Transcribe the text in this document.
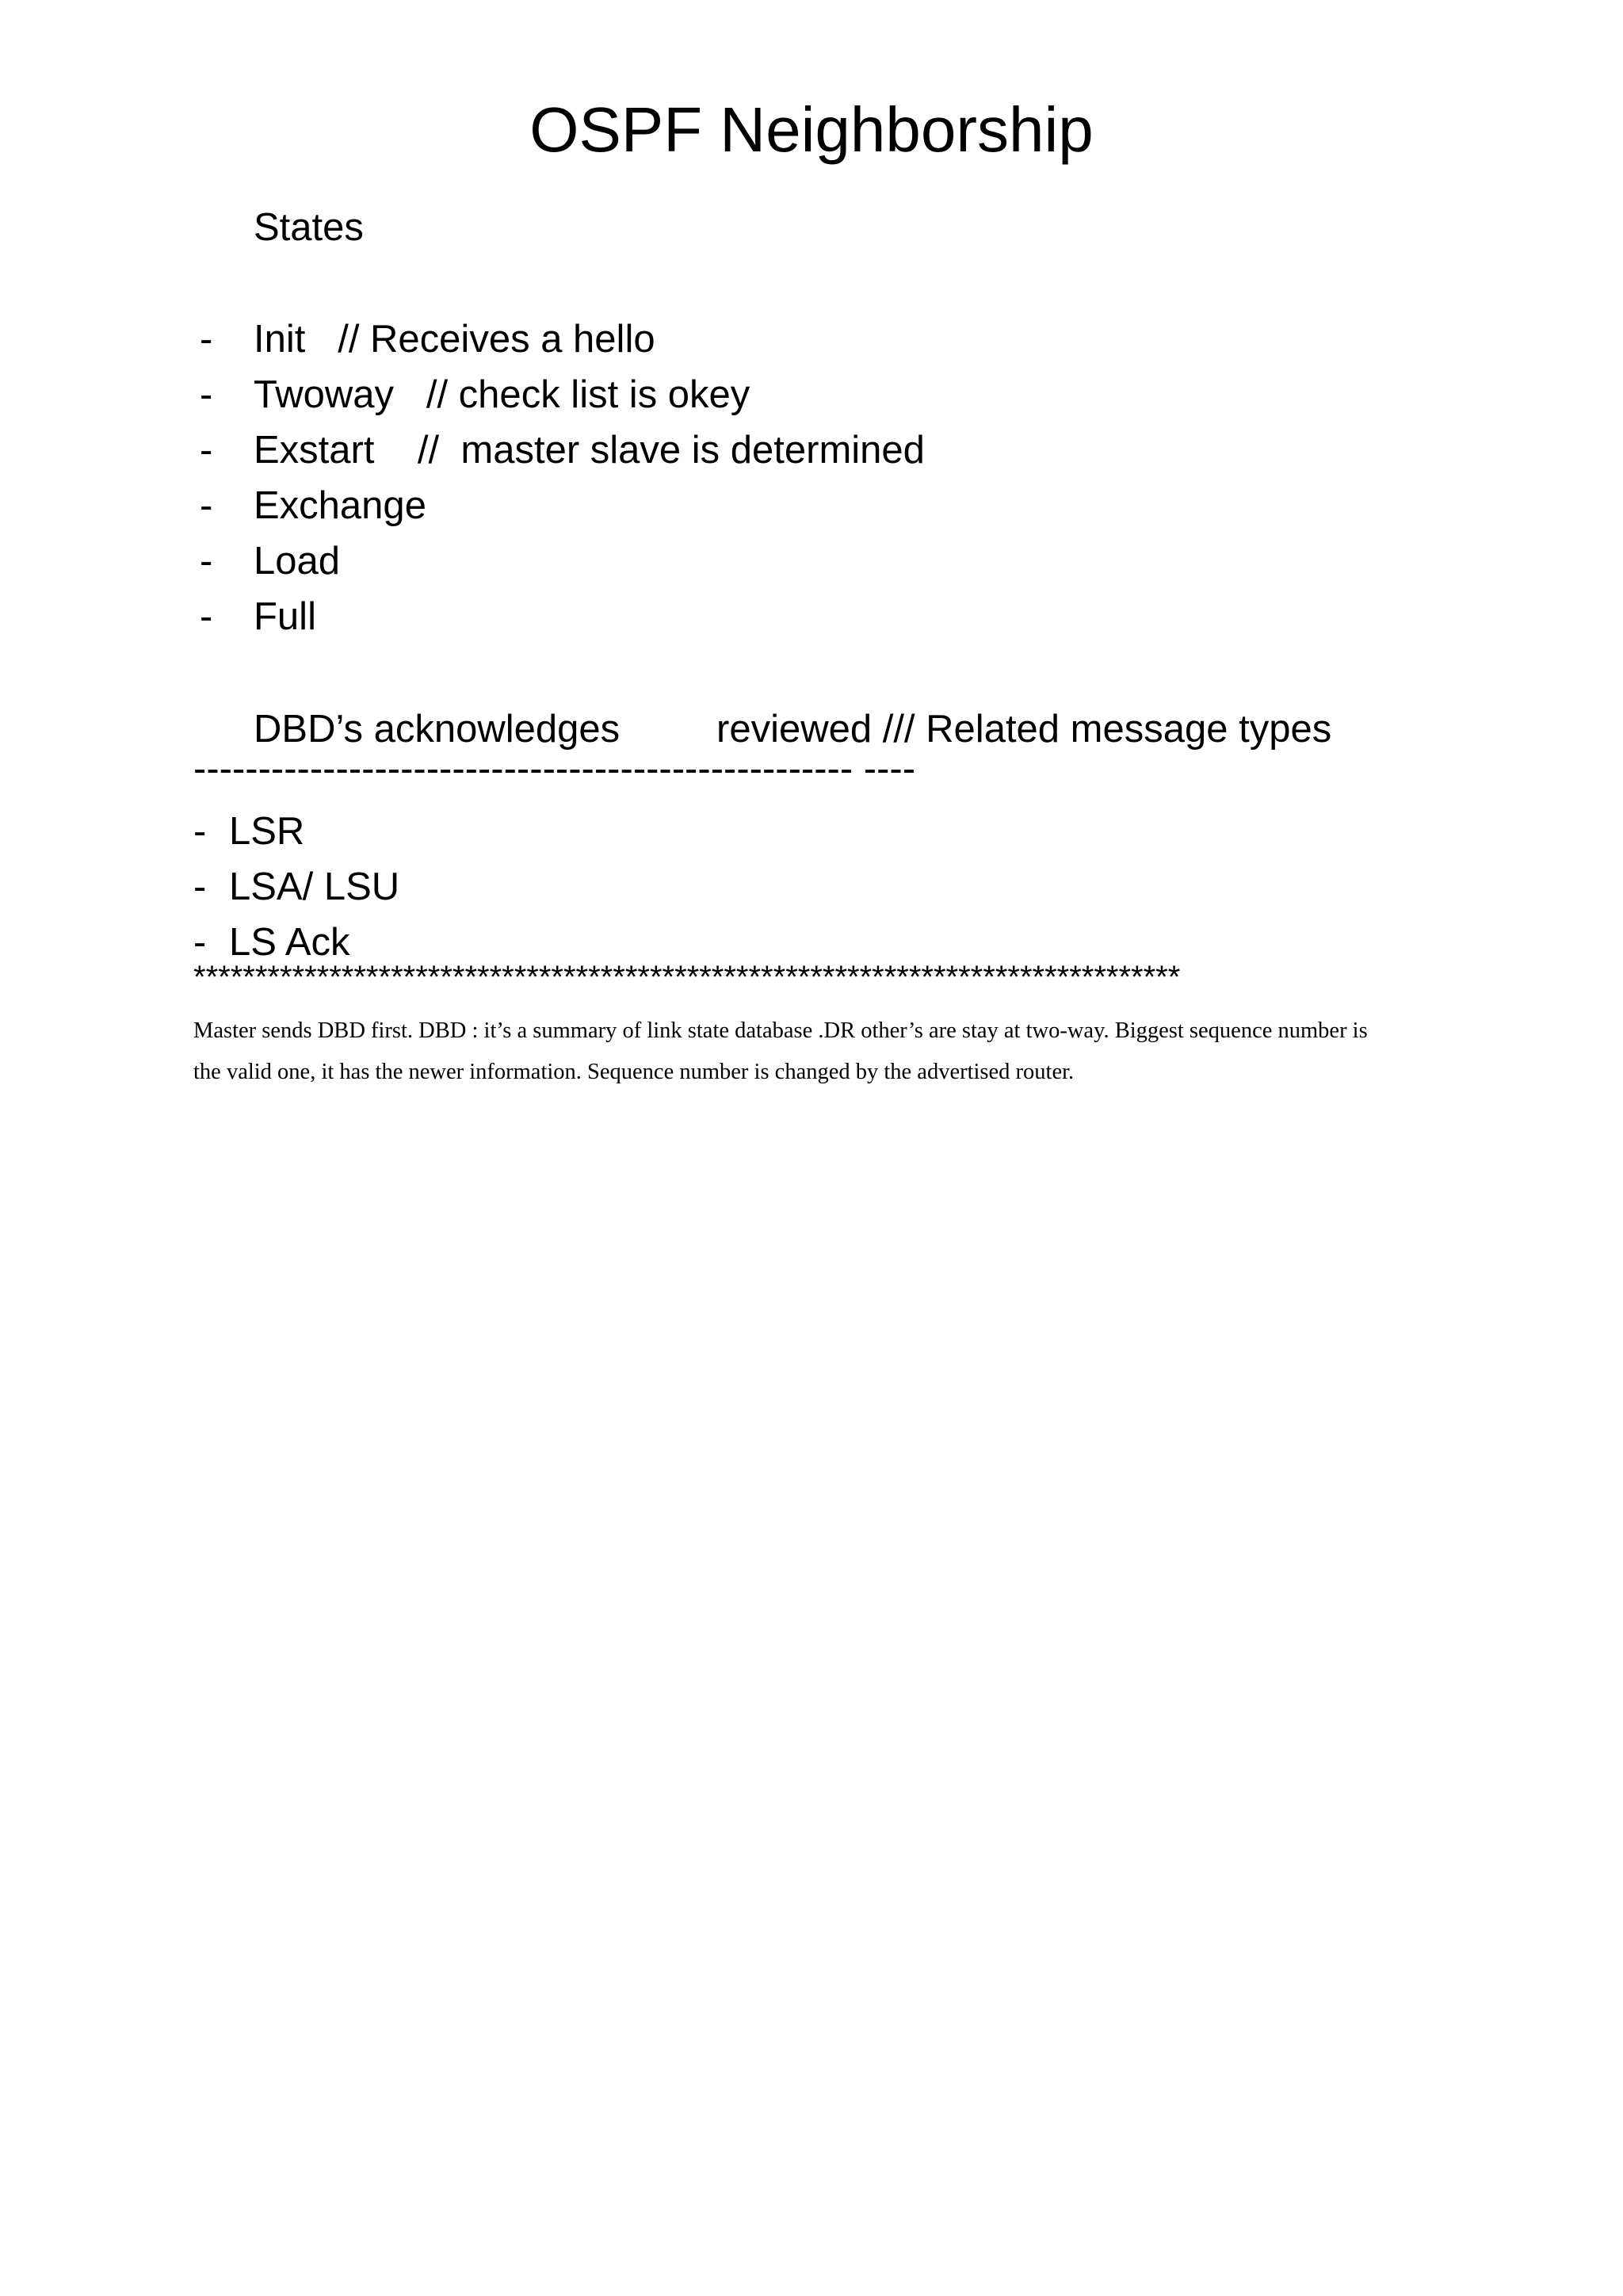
OSPF Neighborship
States
- Init   // Receives a hello
- Twoway   // check list is okey
- Exstart    //  master slave is determined
- Exchange
- Load
- Full
DBD’s acknowledges reviewed /// Related message types
--------------------------------------------------- ----
- LSR
- LSA/ LSU
- LS Ack
********************************************************************************
Master sends DBD first. DBD : it’s a summary of link state database .DR other’s are stay at two-way. Biggest sequence number is the valid one, it has the newer information. Sequence number is changed by the advertised router.
